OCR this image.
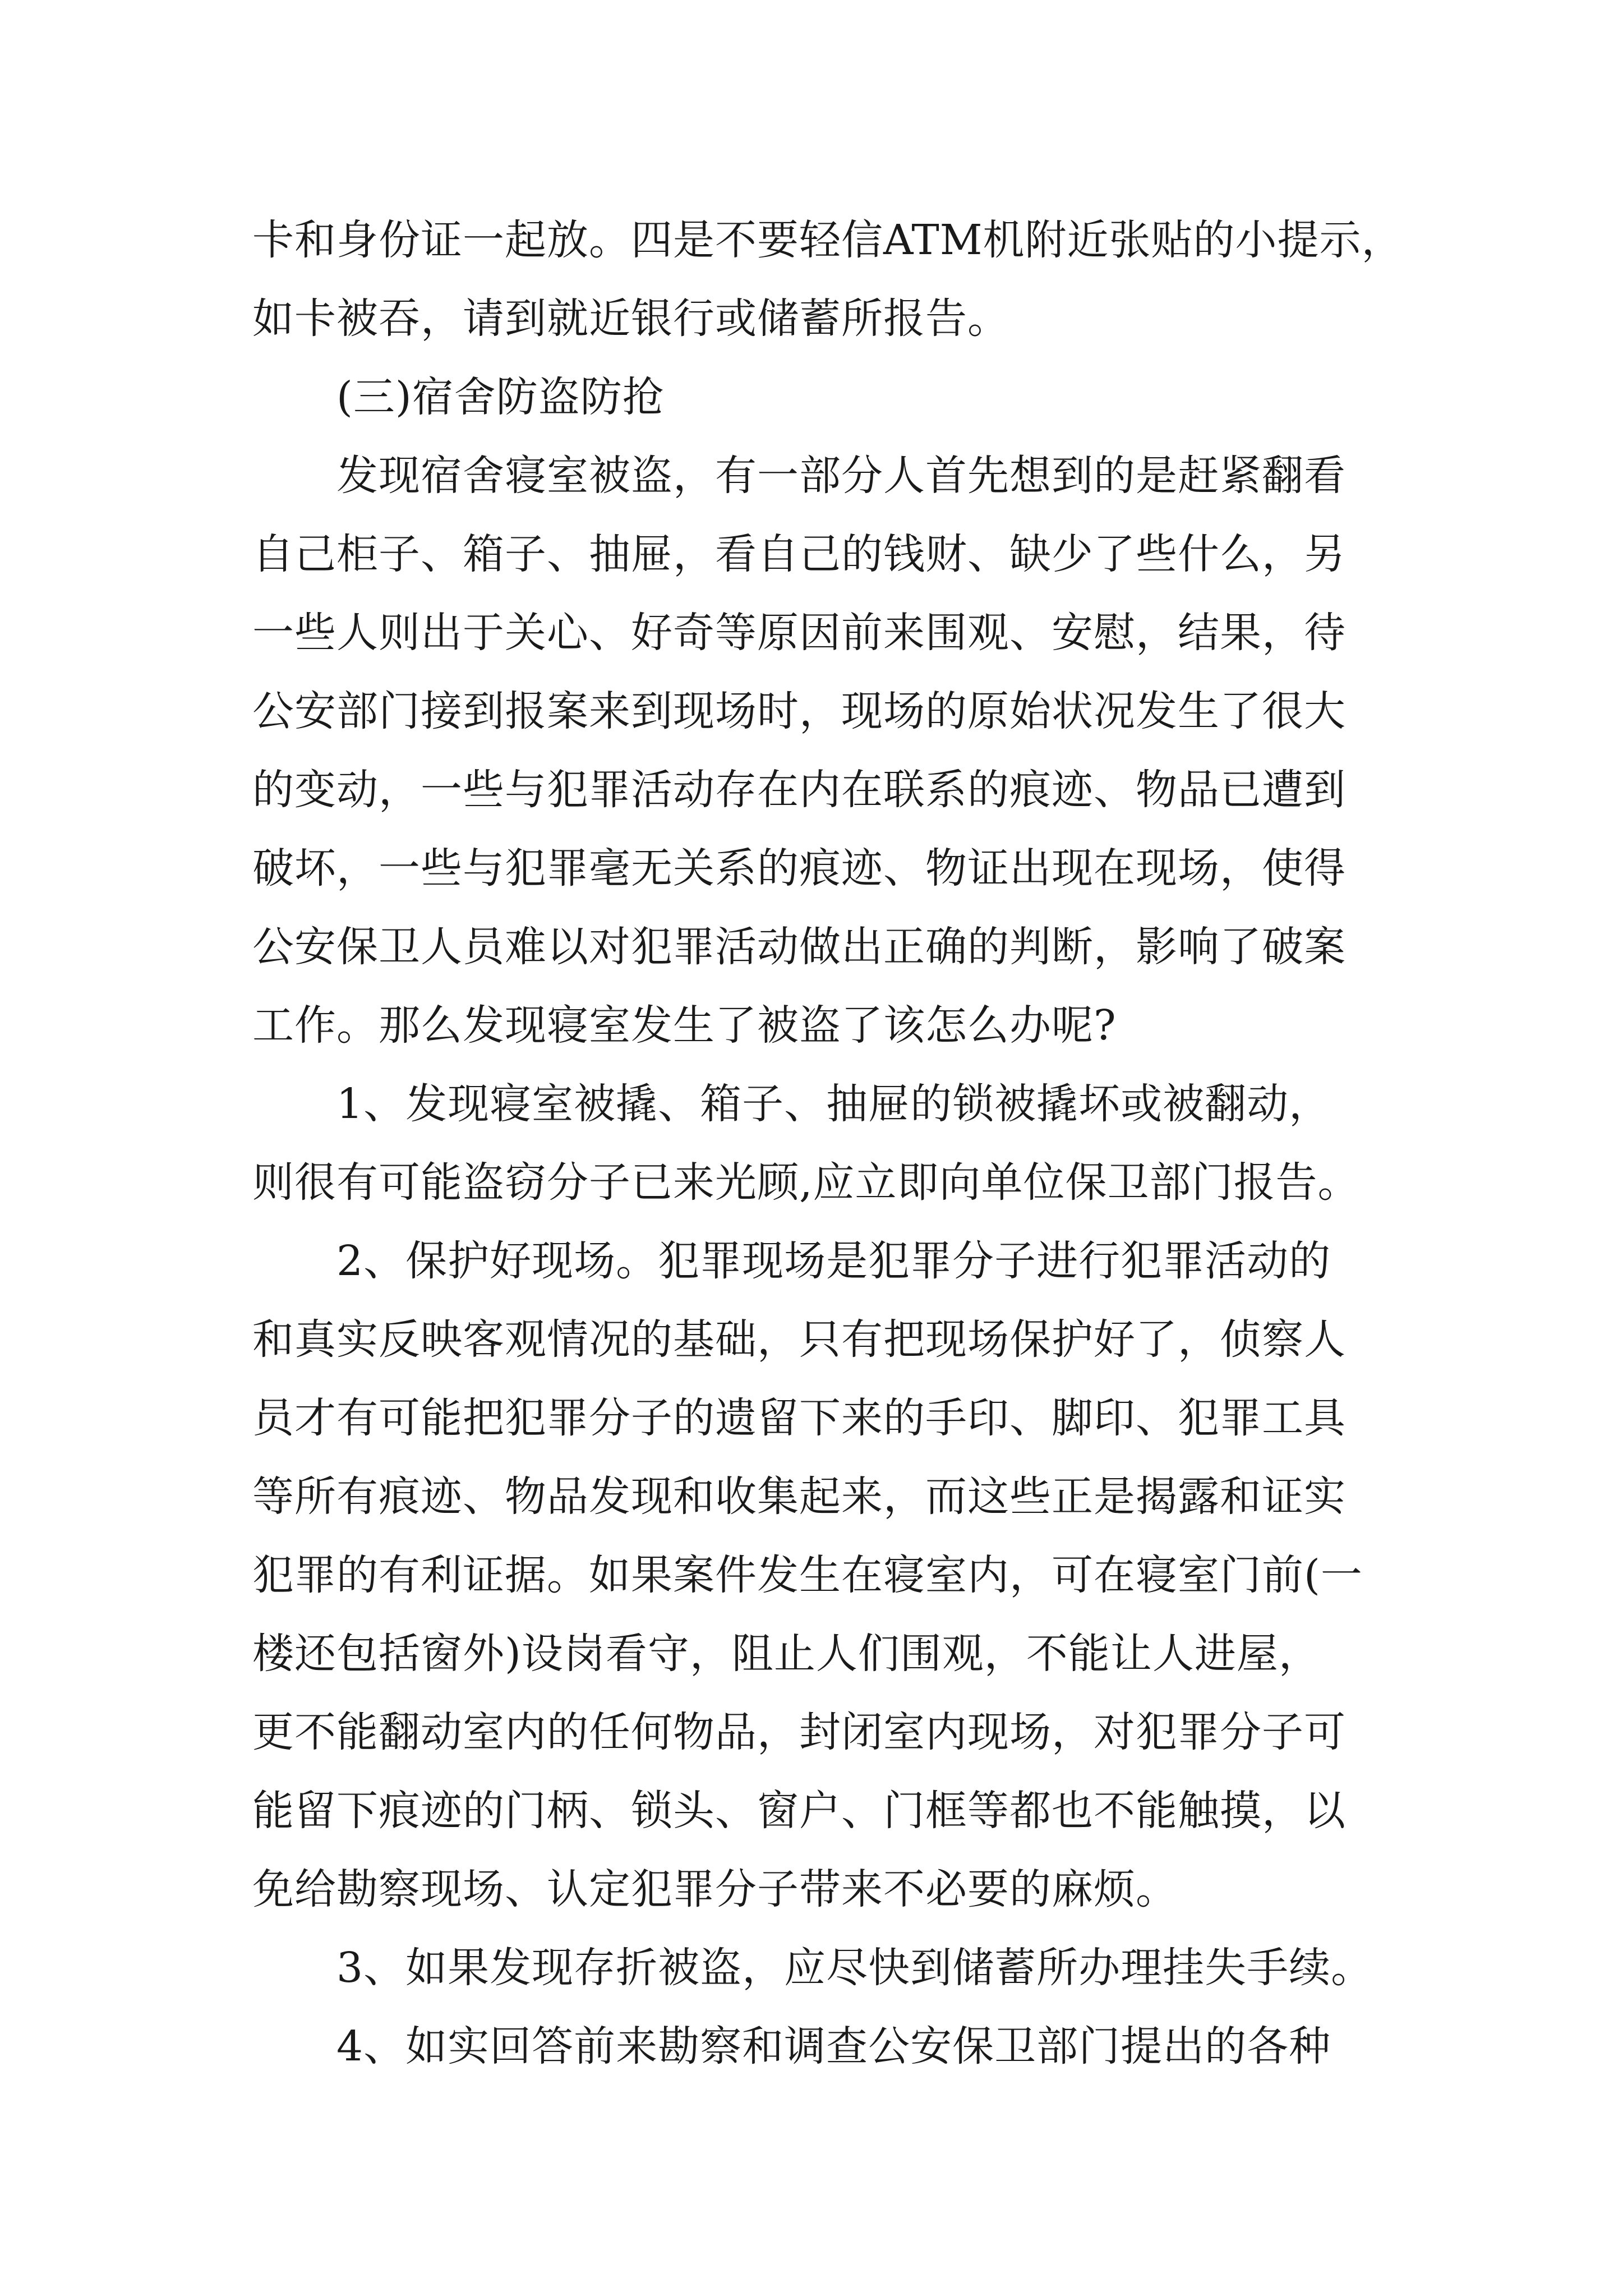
卡和身份证一起放。四是不要轻信ATM机附近张贴的小提示，
如卡被吞，请到就近银行或储蓄所报告。
(三)宿舍防盗防抢
发现宿舍寝室被盗，有一部分人首先想到的是赶紧翻看
自己柜子、箱子、抽屉，看自己的钱财、缺少了些什么，另
一些人则出于关心、好奇等原因前来围观、安慰，结果，待
公安部门接到报案来到现场时，现场的原始状况发生了很大
的变动，一些与犯罪活动存在内在联系的痕迹、物品已遭到
破坏，一些与犯罪毫无关系的痕迹、物证出现在现场，使得
公安保卫人员难以对犯罪活动做出正确的判断，影响了破案
工作。那么发现寝室发生了被盗了该怎么办呢?
1、发现寝室被撬、箱子、抽屉的锁被撬坏或被翻动，
则很有可能盗窃分子已来光顾,应立即向单位保卫部门报告。
2、保护好现场。犯罪现场是犯罪分子进行犯罪活动的
和真实反映客观情况的基础，只有把现场保护好了，侦察人
员才有可能把犯罪分子的遗留下来的手印、脚印、犯罪工具
等所有痕迹、物品发现和收集起来，而这些正是揭露和证实
犯罪的有利证据。如果案件发生在寝室内，可在寝室门前(一
楼还包括窗外)设岗看守，阻止人们围观，不能让人进屋，
更不能翻动室内的任何物品，封闭室内现场，对犯罪分子可
能留下痕迹的门柄、锁头、窗户、门框等都也不能触摸，以
免给勘察现场、认定犯罪分子带来不必要的麻烦。
3、如果发现存折被盗，应尽快到储蓄所办理挂失手续。
4、如实回答前来勘察和调查公安保卫部门提出的各种
